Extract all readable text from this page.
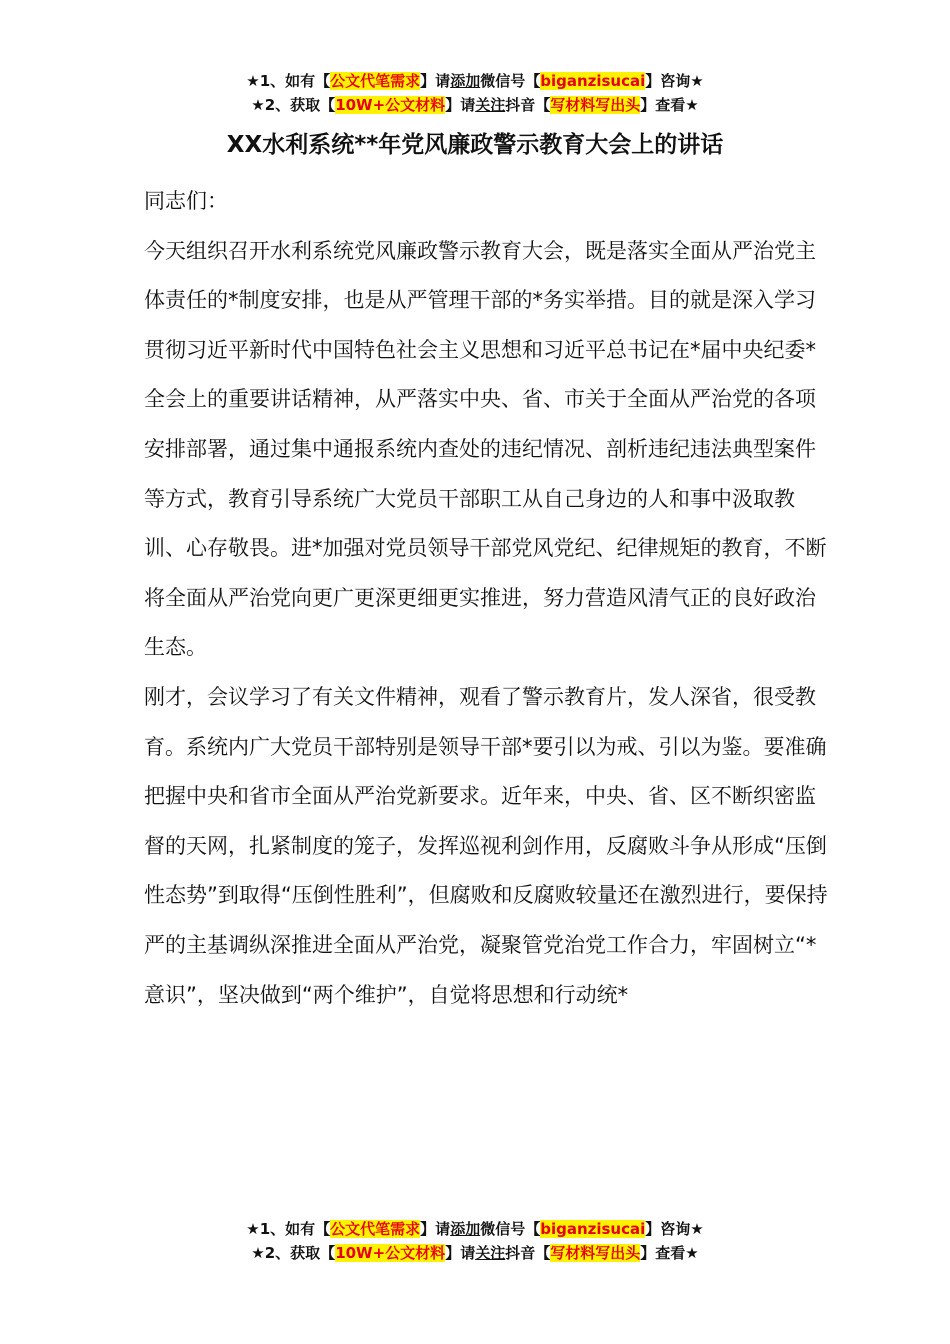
★1、如有【公文代笔需求】请添加微信号【biganzisucai】咨询★
★2、获取【10W+公文材料】请关注抖音【写材料写出头】查看★
XX水利系统**年党风廉政警示教育大会上的讲话

同志们：

今天组织召开水利系统党风廉政警示教育大会，既是落实全面从严治党主体责任的*制度安排，也是从严管理干部的*务实举措。目的就是深入学习贯彻习近平新时代中国特色社会主义思想和习近平总书记在*届中央纪委*全会上的重要讲话精神，从严落实中央、省、市关于全面从严治党的各项安排部署，通过集中通报系统内查处的违纪情况、剖析违纪违法典型案件等方式，教育引导系统广大党员干部职工从自己身边的人和事中汲取教训、心存敬畏。进*加强对党员领导干部党风党纪、纪律规矩的教育，不断将全面从严治党向更广更深更细更实推进，努力营造风清气正的良好政治生态。

刚才，会议学习了有关文件精神，观看了警示教育片，发人深省，很受教育。系统内广大党员干部特别是领导干部*要引以为戒、引以为鉴。要准确把握中央和省市全面从严治党新要求。近年来，中央、省、区不断织密监督的天网，扎紧制度的笼子，发挥巡视利剑作用，反腐败斗争从形成“压倒性态势”到取得“压倒性胜利”，但腐败和反腐败较量还在激烈进行，要保持严的主基调纵深推进全面从严治党，凝聚管党治党工作合力，牢固树立“*意识”，坚决做到“两个维护”，自觉将思想和行动统*

★1、如有【公文代笔需求】请添加微信号【biganzisucai】咨询★
★2、获取【10W+公文材料】请关注抖音【写材料写出头】查看★
